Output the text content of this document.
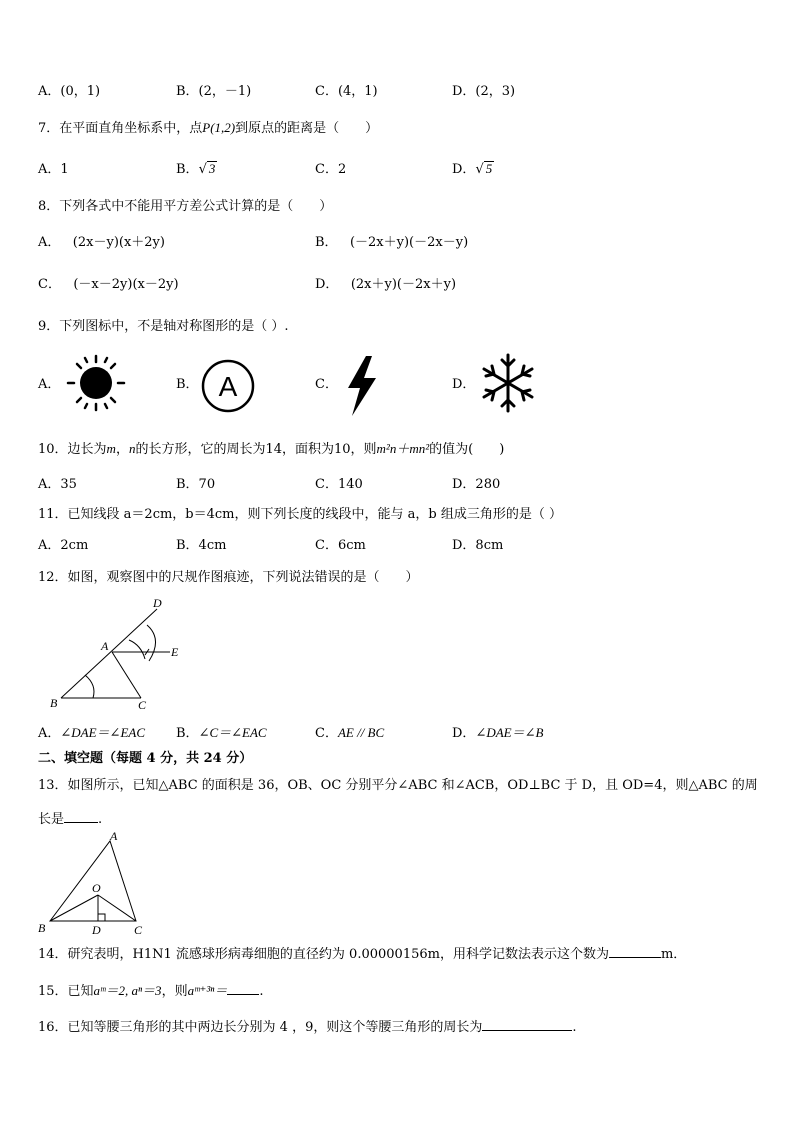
A．(0，1)	B．(2，－1)	C．(4，1)	D．(2，3)
7．在平面直角坐标系中，点P(1,2)到原点的距离是（　　）
A．1	B．√ 3	C．2	D．√ 5
8．下列各式中不能用平方差公式计算的是（　　）
A． (2x－y)(x＋2y)	B． (－2x＋y)(－2x－y)
C． (－x－2y)(x－2y)	D． (2x＋y)(－2x＋y)
9．下列图标中，不是轴对称图形的是（ ）.
A．	B．	C．	D．
A
10．边长为m，n的长方形，它的周长为14，面积为10，则m²n＋mn²的值为(　　)
A．35	B．70	C．140	D．280
11．已知线段 a＝2cm，b＝4cm，则下列长度的线段中，能与 a，b 组成三角形的是（ ）
A．2cm	B．4cm	C．6cm	D．8cm
12．如图，观察图中的尺规作图痕迹，下列说法错误的是（　　）
D
A	E
B	C
A．∠DAE＝∠EAC B．∠C＝∠EAC	C．AE // BC	D．∠DAE＝∠B
二、填空题（每题 4 分，共 24 分）
13．如图所示，已知△ABC 的面积是 36，OB、OC 分别平分∠ABC 和∠ACB，OD⊥BC 于 D，且 OD=4，则△ABC 的周
长是	.
A
O
B	D	C
14．研究表明，H1N1 流感球形病毒细胞的直径约为 0.00000156m，用科学记数法表示这个数为	m．
15．已知aᵐ＝2, aⁿ＝3，则aᵐ⁺³ⁿ＝ .
16．已知等腰三角形的其中两边长分别为 4 ，9，则这个等腰三角形的周长为	.
